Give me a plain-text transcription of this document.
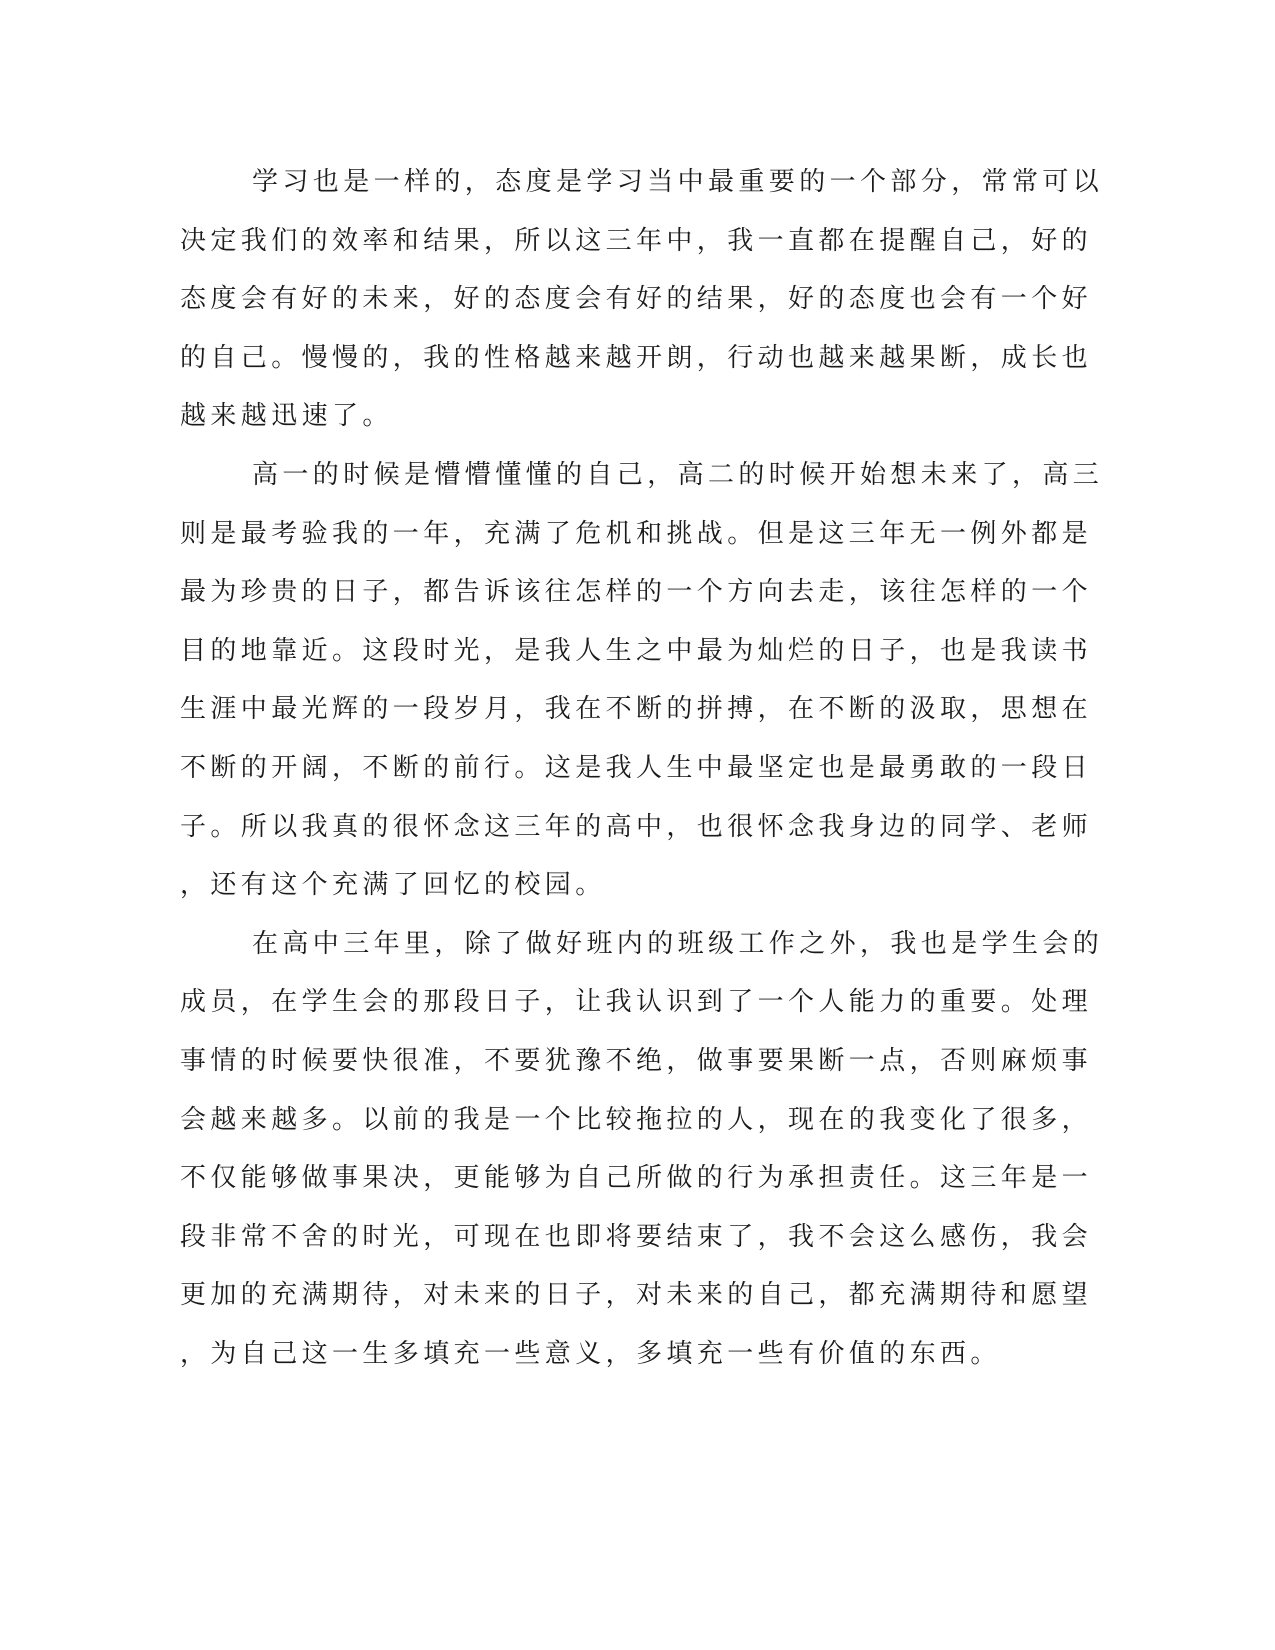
学习也是一样的，态度是学习当中最重要的一个部分，常常可以
决定我们的效率和结果，所以这三年中，我一直都在提醒自己，好的
态度会有好的未来，好的态度会有好的结果，好的态度也会有一个好
的自己。慢慢的，我的性格越来越开朗，行动也越来越果断，成长也
越来越迅速了。
高一的时候是懵懵懂懂的自己，高二的时候开始想未来了，高三
则是最考验我的一年，充满了危机和挑战。但是这三年无一例外都是
最为珍贵的日子，都告诉该往怎样的一个方向去走，该往怎样的一个
目的地靠近。这段时光，是我人生之中最为灿烂的日子，也是我读书
生涯中最光辉的一段岁月，我在不断的拼搏，在不断的汲取，思想在
不断的开阔，不断的前行。这是我人生中最坚定也是最勇敢的一段日
子。所以我真的很怀念这三年的高中，也很怀念我身边的同学、老师
，还有这个充满了回忆的校园。
在高中三年里，除了做好班内的班级工作之外，我也是学生会的
成员，在学生会的那段日子，让我认识到了一个人能力的重要。处理
事情的时候要快很准，不要犹豫不绝，做事要果断一点，否则麻烦事
会越来越多。以前的我是一个比较拖拉的人，现在的我变化了很多，
不仅能够做事果决，更能够为自己所做的行为承担责任。这三年是一
段非常不舍的时光，可现在也即将要结束了，我不会这么感伤，我会
更加的充满期待，对未来的日子，对未来的自己，都充满期待和愿望
，为自己这一生多填充一些意义，多填充一些有价值的东西。
